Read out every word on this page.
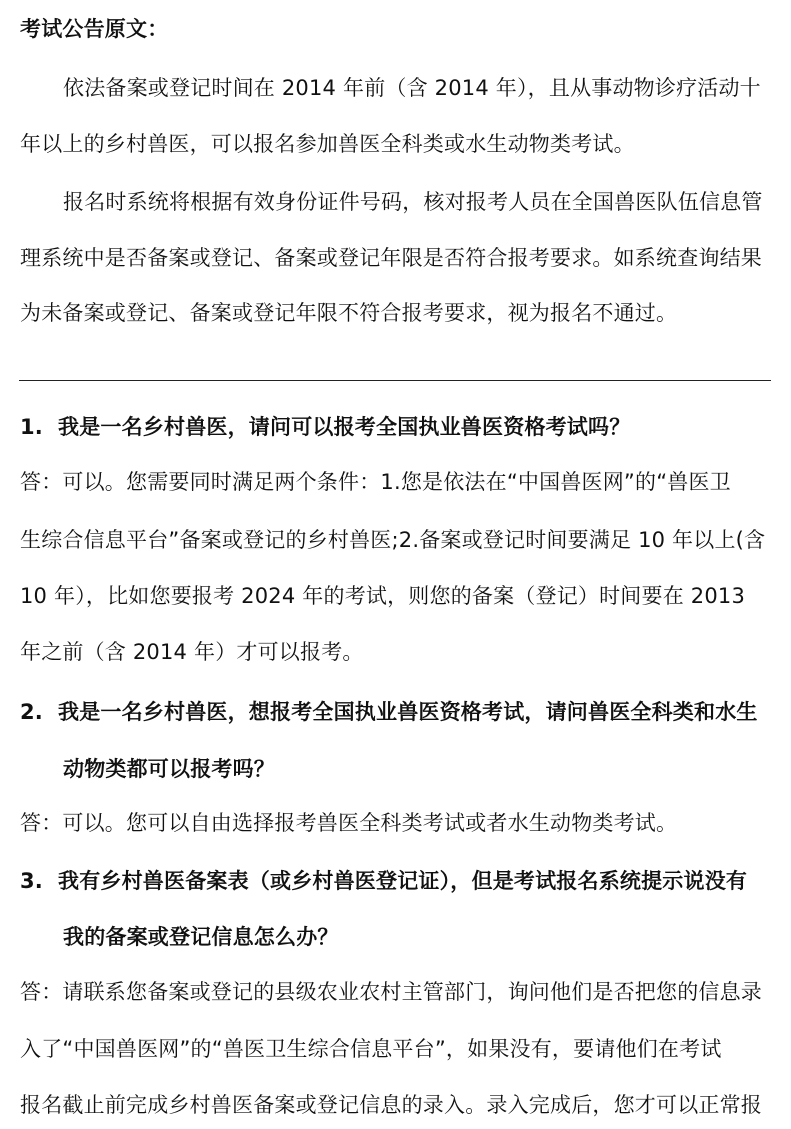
考试公告原文：
依法备案或登记时间在 2014 年前（含 2014 年），且从事动物诊疗活动十
年以上的乡村兽医，可以报名参加兽医全科类或水生动物类考试。
报名时系统将根据有效身份证件号码，核对报考人员在全国兽医队伍信息管
理系统中是否备案或登记、备案或登记年限是否符合报考要求。如系统查询结果
为未备案或登记、备案或登记年限不符合报考要求，视为报名不通过。
1. 我是一名乡村兽医，请问可以报考全国执业兽医资格考试吗？
答：可以。您需要同时满足两个条件：1.您是依法在“中国兽医网”的“兽医卫
生综合信息平台”备案或登记的乡村兽医;2.备案或登记时间要满足 10 年以上(含
10 年），比如您要报考 2024 年的考试，则您的备案（登记）时间要在 2013
年之前（含 2014 年）才可以报考。
2. 我是一名乡村兽医，想报考全国执业兽医资格考试，请问兽医全科类和水生
动物类都可以报考吗？
答：可以。您可以自由选择报考兽医全科类考试或者水生动物类考试。
3. 我有乡村兽医备案表（或乡村兽医登记证），但是考试报名系统提示说没有
我的备案或登记信息怎么办？
答：请联系您备案或登记的县级农业农村主管部门，询问他们是否把您的信息录
入了“中国兽医网”的“兽医卫生综合信息平台”，如果没有，要请他们在考试
报名截止前完成乡村兽医备案或登记信息的录入。录入完成后，您才可以正常报
